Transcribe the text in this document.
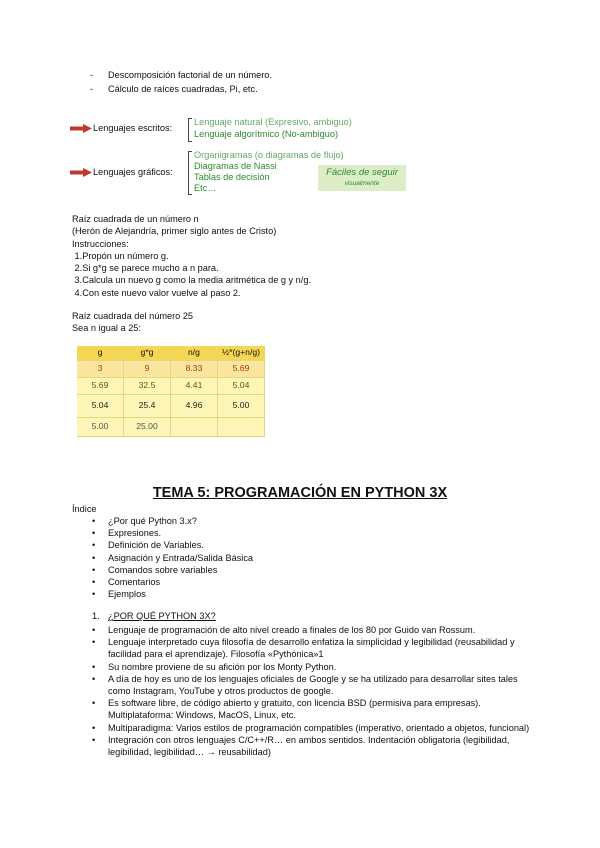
-	Descomposición factorial de un número.
-	Cálculo de raíces cuadradas, Pi, etc.
Lenguajes escritos:
Lenguaje natural (Expresivo, ambiguo)
Lenguaje algorítmico (No-ambiguo)
Lenguajes gráficos:
Organigramas (o diagramas de flujo)
Diagramas de Nassi
Tablas de decisión
Etc…
Fáciles de seguir
visualmente
Raíz cuadrada de un número n
(Herón de Alejandría, primer siglo antes de Cristo)
Instrucciones:
1.Propón un número g.
2.Si g*g se parece mucho a n para.
3.Calcula un nuevo g como la media aritmética de g y n/g.
4.Con este nuevo valor vuelve al paso 2.
Raíz cuadrada del número 25
Sea n igual a 25:
g	g*g	n/g	½*(g+n/g)
3	9	8.33	5.69
5.69	32.5	4.41	5.04
5.04	25.4	4.96	5.00
5.00	25.00		
TEMA 5: PROGRAMACIÓN EN PYTHON 3X
Índice
•	¿Por qué Python 3.x?
•	Expresiones.
•	Definición de Variables.
•	Asignación y Entrada/Salida Básica
•	Comandos sobre variables
•	Comentarios
•	Ejemplos
1. ¿POR QUÉ PYTHON 3X?
•	Lenguaje de programación de alto nivel creado a finales de los 80 por Guido van Rossum.
•	Lenguaje interpretado cuya filosofía de desarrollo enfatiza la simplicidad y legibilidad (reusabilidad y facilidad para el aprendizaje). Filosofía «Pythónica»1
•	Su nombre proviene de su afición por los Monty Python.
•	A día de hoy es uno de los lenguajes oficiales de Google y se ha utilizado para desarrollar sites tales como Instagram, YouTube y otros productos de google.
•	Es software libre, de código abierto y gratuito, con licencia BSD (permisiva para empresas). Multiplataforma: Windows, MacOS, Linux, etc.
•	Multiparadigma: Varios estilos de programación compatibles (imperativo, orientado a objetos, funcional)
•	Integración con otros lenguajes C/C++/R… en ambos sentidos. Indentación obligatoria (legibilidad, legibilidad, legibilidad… → reusabilidad)
